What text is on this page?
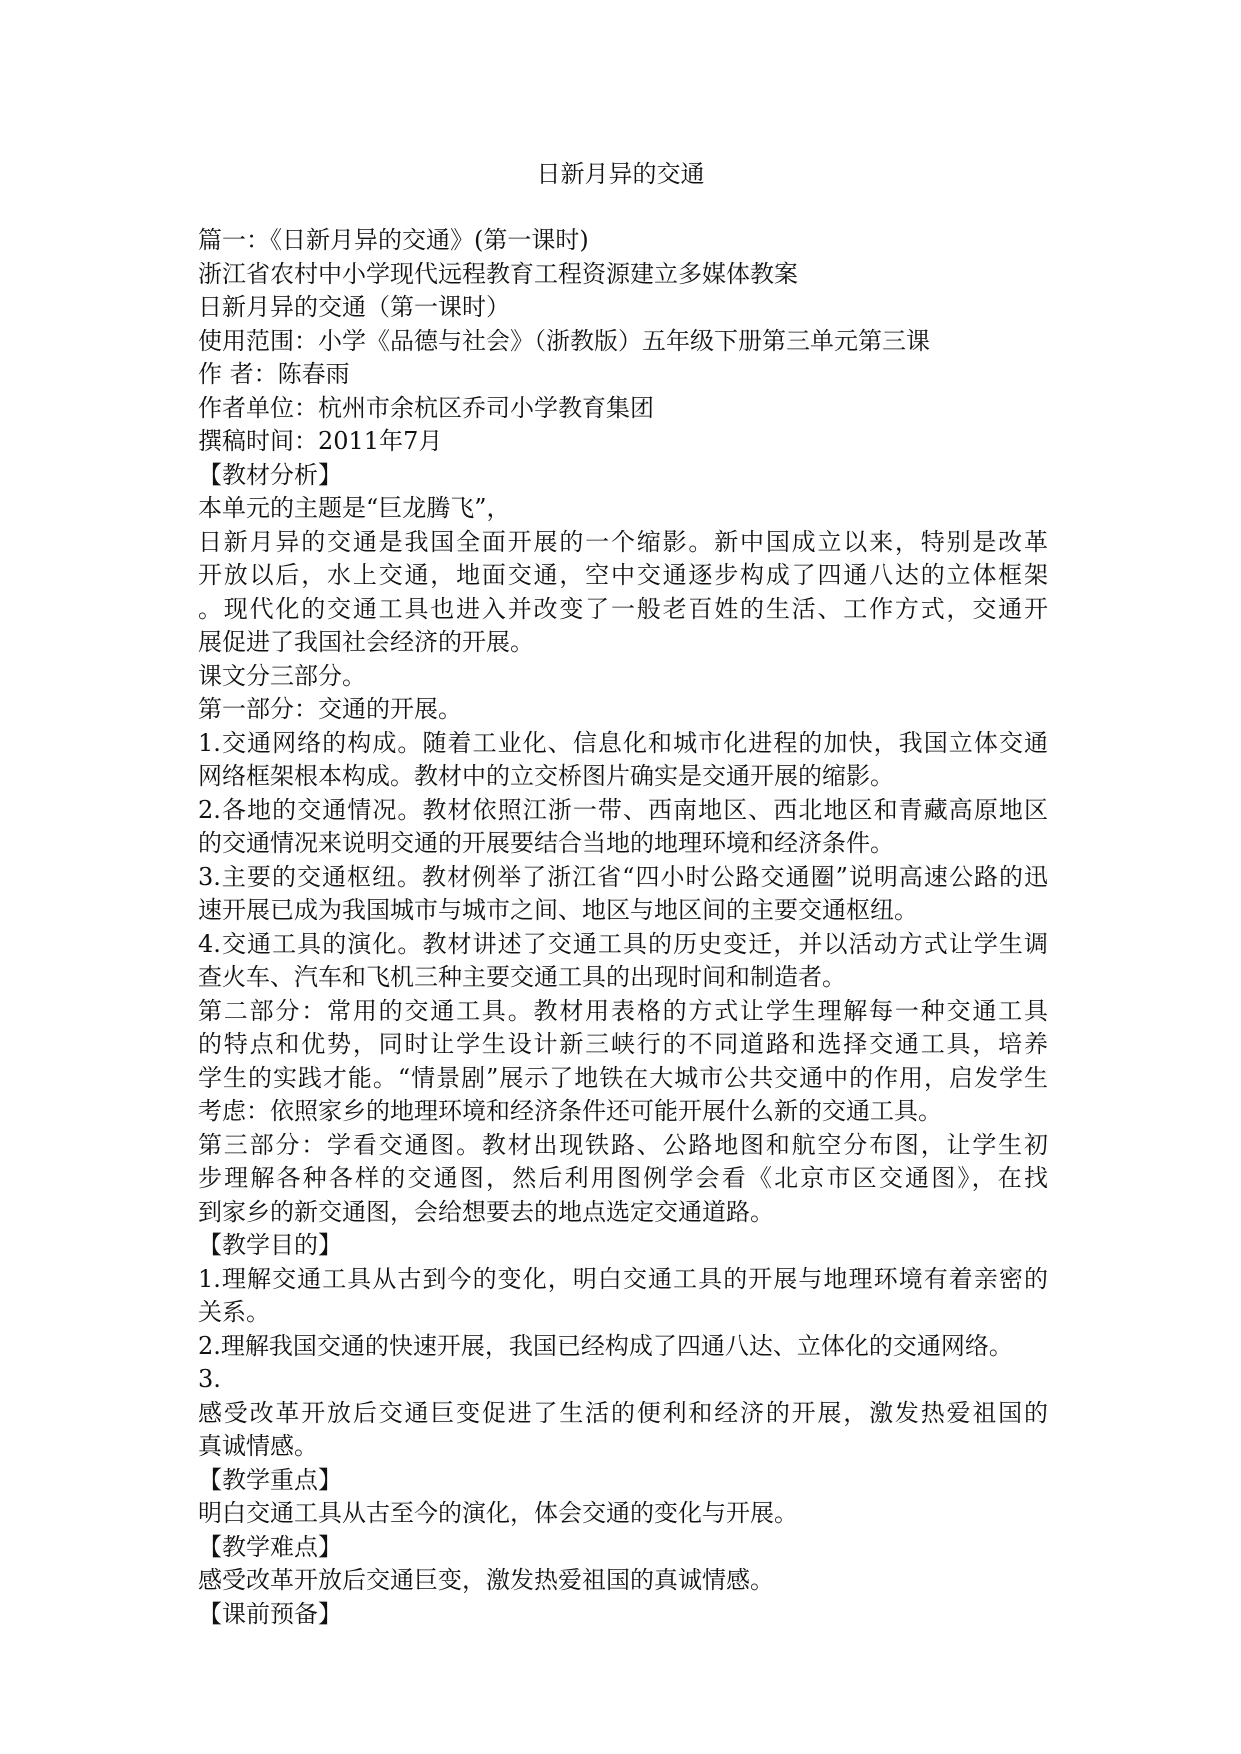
日新月异的交通
篇一：《日新月异的交通》(第一课时)
浙江省农村中小学现代远程教育工程资源建立多媒体教案
日新月异的交通（第一课时）
使用范围：小学《品德与社会》（浙教版）五年级下册第三单元第三课
作 者：陈春雨
作者单位：杭州市余杭区乔司小学教育集团
撰稿时间：2011年7月
【教材分析】
本单元的主题是“巨龙腾飞”，
日新月异的交通是我国全面开展的一个缩影。新中国成立以来，特别是改革
开放以后，水上交通，地面交通，空中交通逐步构成了四通八达的立体框架
。现代化的交通工具也进入并改变了一般老百姓的生活、工作方式，交通开
展促进了我国社会经济的开展。
课文分三部分。
第一部分：交通的开展。
1.交通网络的构成。随着工业化、信息化和城市化进程的加快，我国立体交通
网络框架根本构成。教材中的立交桥图片确实是交通开展的缩影。
2.各地的交通情况。教材依照江浙一带、西南地区、西北地区和青藏高原地区
的交通情况来说明交通的开展要结合当地的地理环境和经济条件。
3.主要的交通枢纽。教材例举了浙江省“四小时公路交通圈”说明高速公路的迅
速开展已成为我国城市与城市之间、地区与地区间的主要交通枢纽。
4.交通工具的演化。教材讲述了交通工具的历史变迁，并以活动方式让学生调
查火车、汽车和飞机三种主要交通工具的出现时间和制造者。
第二部分：常用的交通工具。教材用表格的方式让学生理解每一种交通工具
的特点和优势，同时让学生设计新三峡行的不同道路和选择交通工具，培养
学生的实践才能。“情景剧”展示了地铁在大城市公共交通中的作用，启发学生
考虑：依照家乡的地理环境和经济条件还可能开展什么新的交通工具。
第三部分：学看交通图。教材出现铁路、公路地图和航空分布图，让学生初
步理解各种各样的交通图，然后利用图例学会看《北京市区交通图》，在找
到家乡的新交通图，会给想要去的地点选定交通道路。
【教学目的】
1.理解交通工具从古到今的变化，明白交通工具的开展与地理环境有着亲密的
关系。
2.理解我国交通的快速开展，我国已经构成了四通八达、立体化的交通网络。
3.
感受改革开放后交通巨变促进了生活的便利和经济的开展，激发热爱祖国的
真诚情感。
【教学重点】
明白交通工具从古至今的演化，体会交通的变化与开展。
【教学难点】
感受改革开放后交通巨变，激发热爱祖国的真诚情感。
【课前预备】
